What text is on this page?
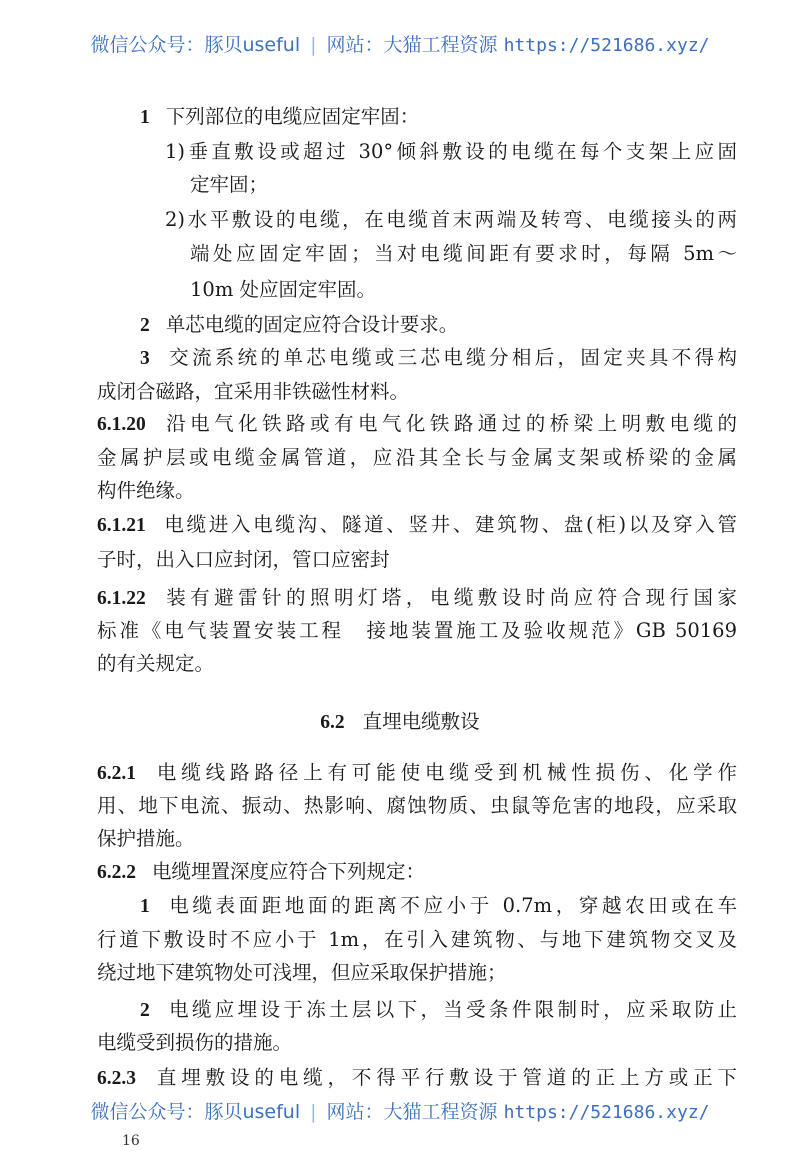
微信公众号：豚贝useful | 网站：大猫工程资源 https://521686.xyz/
1 下列部位的电缆应固定牢固：
1)垂直敷设或超过 30°倾斜敷设的电缆在每个支架上应固
定牢固；
2)水平敷设的电缆，在电缆首末两端及转弯、电缆接头的两
端处应固定牢固；当对电缆间距有要求时，每隔 5m～
10m 处应固定牢固。
2 单芯电缆的固定应符合设计要求。
3 交流系统的单芯电缆或三芯电缆分相后，固定夹具不得构
成闭合磁路，宜采用非铁磁性材料。
6.1.20 沿电气化铁路或有电气化铁路通过的桥梁上明敷电缆的
金属护层或电缆金属管道，应沿其全长与金属支架或桥梁的金属
构件绝缘。
6.1.21 电缆进入电缆沟、隧道、竖井、建筑物、盘(柜)以及穿入管
子时，出入口应封闭，管口应密封
6.1.22 装有避雷针的照明灯塔，电缆敷设时尚应符合现行国家
标准《电气装置安装工程　接地装置施工及验收规范》GB 50169
的有关规定。
6.2.1 电缆线路路径上有可能使电缆受到机械性损伤、化学作
用、地下电流、振动、热影响、腐蚀物质、虫鼠等危害的地段，应采取
保护措施。
6.2.2 电缆埋置深度应符合下列规定：
1 电缆表面距地面的距离不应小于 0.7m，穿越农田或在车
行道下敷设时不应小于 1m，在引入建筑物、与地下建筑物交叉及
绕过地下建筑物处可浅埋，但应采取保护措施；
2 电缆应埋设于冻土层以下，当受条件限制时，应采取防止
电缆受到损伤的措施。
6.2.3 直埋敷设的电缆，不得平行敷设于管道的正上方或正下
6.2 直埋电缆敷设
微信公众号：豚贝useful | 网站：大猫工程资源 https://521686.xyz/
16
